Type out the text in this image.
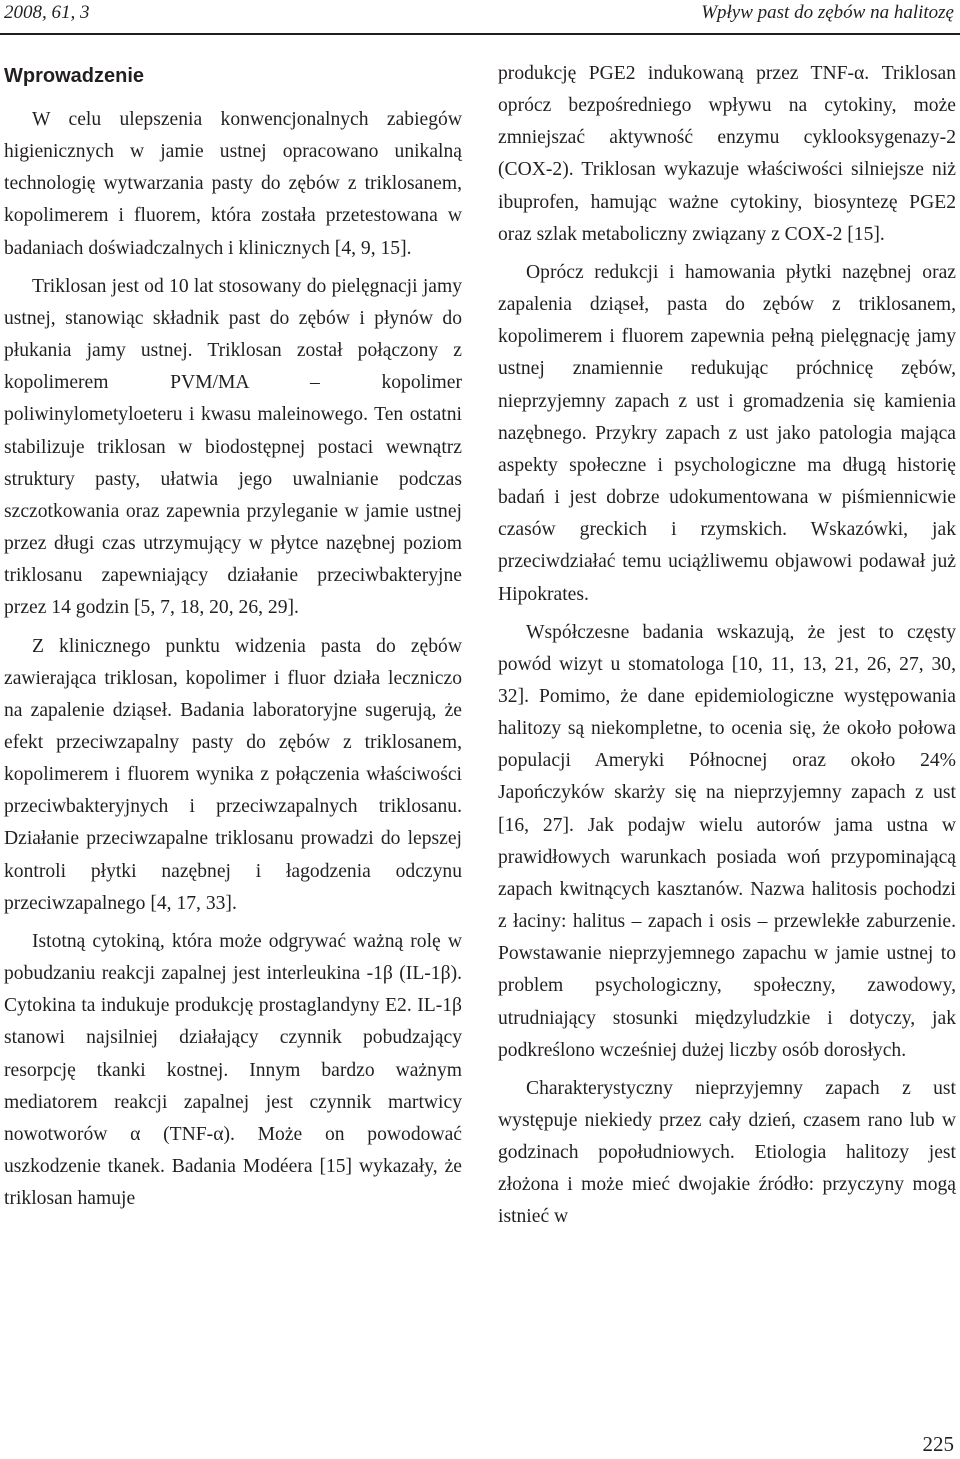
2008, 61, 3	Wpływ past do zębów na halitozę
Wprowadzenie

W celu ulepszenia konwencjonalnych zabiegów higienicznych w jamie ustnej opracowano unikalną technologię wytwarzania pasty do zębów z triklosanem, kopolimerem i fluorem, która została przetestowana w badaniach doświadczalnych i klinicznych [4, 9, 15].

Triklosan jest od 10 lat stosowany do pielęgnacji jamy ustnej, stanowiąc składnik past do zębów i płynów do płukania jamy ustnej. Triklosan został połączony z kopolimerem PVM/MA – kopolimer poliwinylometyloeteru i kwasu maleinowego. Ten ostatni stabilizuje triklosan w biodostępnej postaci wewnątrz struktury pasty, ułatwia jego uwalnianie podczas szczotkowania oraz zapewnia przyleganie w jamie ustnej przez długi czas utrzymujący w płytce nazębnej poziom triklosanu zapewniający działanie przeciwbakteryjne przez 14 godzin [5, 7, 18, 20, 26, 29].

Z klinicznego punktu widzenia pasta do zębów zawierająca triklosan, kopolimer i fluor działa leczniczo na zapalenie dziąseł. Badania laboratoryjne sugerują, że efekt przeciwzapalny pasty do zębów z triklosanem, kopolimerem i fluorem wynika z połączenia właściwości przeciwbakteryjnych i przeciwzapalnych triklosanu. Działanie przeciwzapalne triklosanu prowadzi do lepszej kontroli płytki nazębnej i łagodzenia odczynu przeciwzapalnego [4, 17, 33].

Istotną cytokiną, która może odgrywać ważną rolę w pobudzaniu reakcji zapalnej jest interleukina -1β (IL-1β). Cytokina ta indukuje produkcję prostaglandyny E2. IL-1β stanowi najsilniej działający czynnik pobudzający resorpcję tkanki kostnej. Innym bardzo ważnym mediatorem reakcji zapalnej jest czynnik martwicy nowotworów α (TNF-α). Może on powodować uszkodzenie tkanek. Badania Modéera [15] wykazały, że triklosan hamuje

produkcję PGE2 indukowaną przez TNF-α. Triklosan oprócz bezpośredniego wpływu na cytokiny, może zmniejszać aktywność enzymu cyklooksygenazy-2 (COX-2). Triklosan wykazuje właściwości silniejsze niż ibuprofen, hamując ważne cytokiny, biosyntezę PGE2 oraz szlak metaboliczny związany z COX-2 [15].

Oprócz redukcji i hamowania płytki nazębnej oraz zapalenia dziąseł, pasta do zębów z triklosanem, kopolimerem i fluorem zapewnia pełną pielęgnację jamy ustnej znamiennie redukując próchnicę zębów, nieprzyjemny zapach z ust i gromadzenia się kamienia nazębnego. Przykry zapach z ust jako patologia mająca aspekty społeczne i psychologiczne ma długą historię badań i jest dobrze udokumentowana w piśmiennicwie czasów greckich i rzymskich. Wskazówki, jak przeciwdziałać temu uciążliwemu objawowi podawał już Hipokrates.

Współczesne badania wskazują, że jest to częsty powód wizyt u stomatologa [10, 11, 13, 21, 26, 27, 30, 32]. Pomimo, że dane epidemiologiczne występowania halitozy są niekompletne, to ocenia się, że około połowa populacji Ameryki Północnej oraz około 24% Japończyków skarży się na nieprzyjemny zapach z ust [16, 27]. Jak podajw wielu autorów jama ustna w prawidłowych warunkach posiada woń przypominającą zapach kwitnących kasztanów. Nazwa halitosis pochodzi z łaciny: halitus – zapach i osis – przewlekłe zaburzenie. Powstawanie nieprzyjemnego zapachu w jamie ustnej to problem psychologiczny, społeczny, zawodowy, utrudniający stosunki międzyludzkie i dotyczy, jak podkreślono wcześniej dużej liczby osób dorosłych.

Charakterystyczny nieprzyjemny zapach z ust występuje niekiedy przez cały dzień, czasem rano lub w godzinach popołudniowych. Etiologia halitozy jest złożona i może mieć dwojakie źródło: przyczyny mogą istnieć w

225
